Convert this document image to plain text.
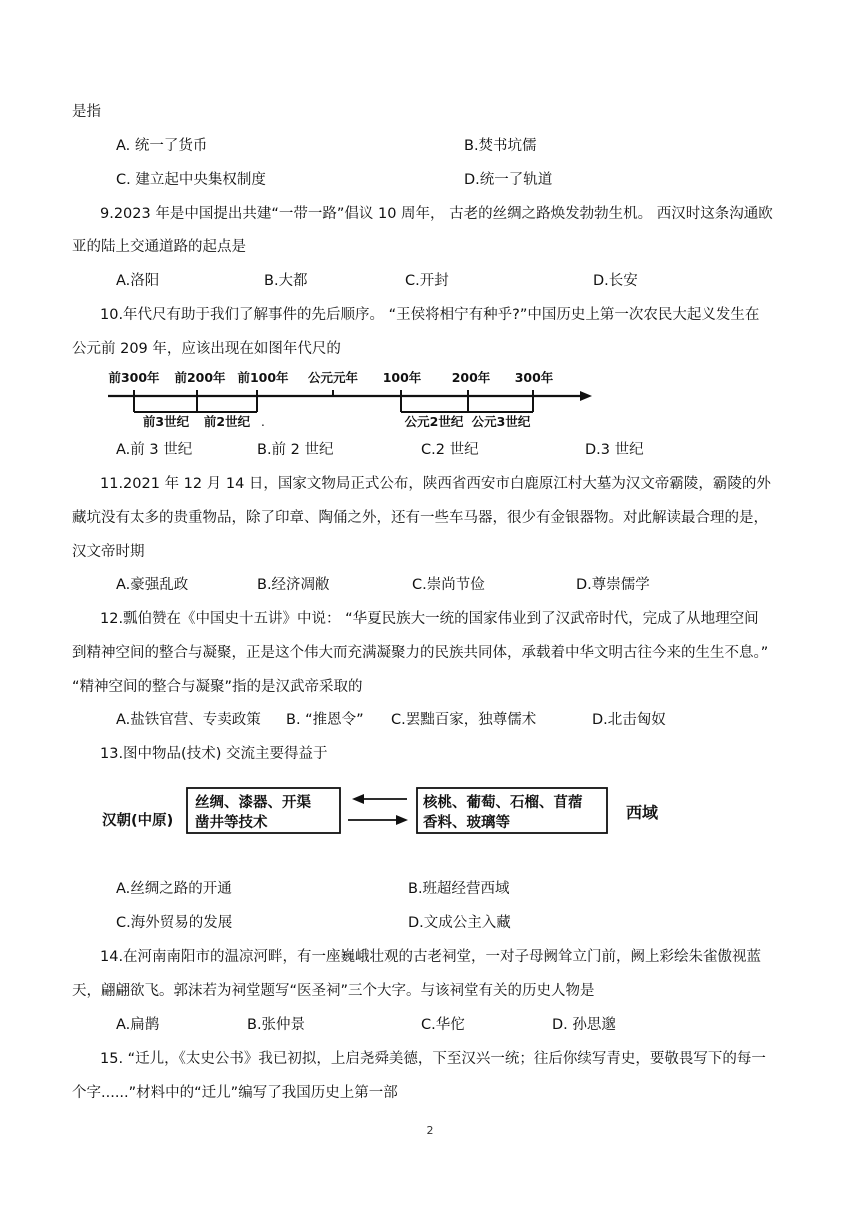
是指
A. 统一了货币	B.焚书坑儒
C. 建立起中央集权制度	D.统一了轨道
9.2023 年是中国提出共建“一带一路”倡议 10 周年， 古老的丝绸之路焕发勃勃生机。 西汉时这条沟通欧
亚的陆上交通道路的起点是
A.洛阳	B.大都	C.开封	D.长安
10.年代尺有助于我们了解事件的先后顺序。 “王侯将相宁有种乎?”中国历史上第一次农民大起义发生在
公元前 209 年，应该出现在如图年代尺的
前300年 前200年 前100年 公元元年 100年 200年 300年
前3世纪 前2世纪	公元2世纪 公元3世纪
.
A.前 3 世纪	B.前 2 世纪	C.2 世纪	D.3 世纪
11.2021 年 12 月 14 日，国家文物局正式公布，陕西省西安市白鹿原江村大墓为汉文帝霸陵，霸陵的外
藏坑没有太多的贵重物品，除了印章、陶俑之外，还有一些车马器，很少有金银器物。对此解读最合理的是，
汉文帝时期
A.豪强乱政	B.经济凋敝	C.崇尚节俭	D.尊崇儒学
12.瓢伯赞在《中国史十五讲》中说： “华夏民族大一统的国家伟业到了汉武帝时代，完成了从地理空间
到精神空间的整合与凝聚，正是这个伟大而充满凝聚力的民族共同体，承载着中华文明古往今来的生生不息。”
“精神空间的整合与凝聚”指的是汉武帝采取的
A.盐铁官营、专卖政策 B. “推恩令” C.罢黜百家，独尊儒术	D.北击匈奴
13.图中物品(技术) 交流主要得益于
汉朝(中原)
丝绸、漆器、开渠
凿井等技术
核桃、葡萄、石榴、苜蓿
香料、玻璃等
西域
A.丝绸之路的开通	B.班超经营西域
C.海外贸易的发展	D.文成公主入藏
14.在河南南阳市的温凉河畔，有一座巍峨壮观的古老祠堂，一对子母阙耸立门前，阙上彩绘朱雀傲视蓝
天，翩翩欲飞。郭沫若为祠堂题写“医圣祠”三个大字。与该祠堂有关的历史人物是
A.扁鹊	B.张仲景	C.华佗	D. 孙思邈
15. “迁儿，《太史公书》我已初拟，上启尧舜美德，下至汉兴一统；往后你续写青史，要敬畏写下的每一
个字......”材料中的“迁儿”编写了我国历史上第一部
2
